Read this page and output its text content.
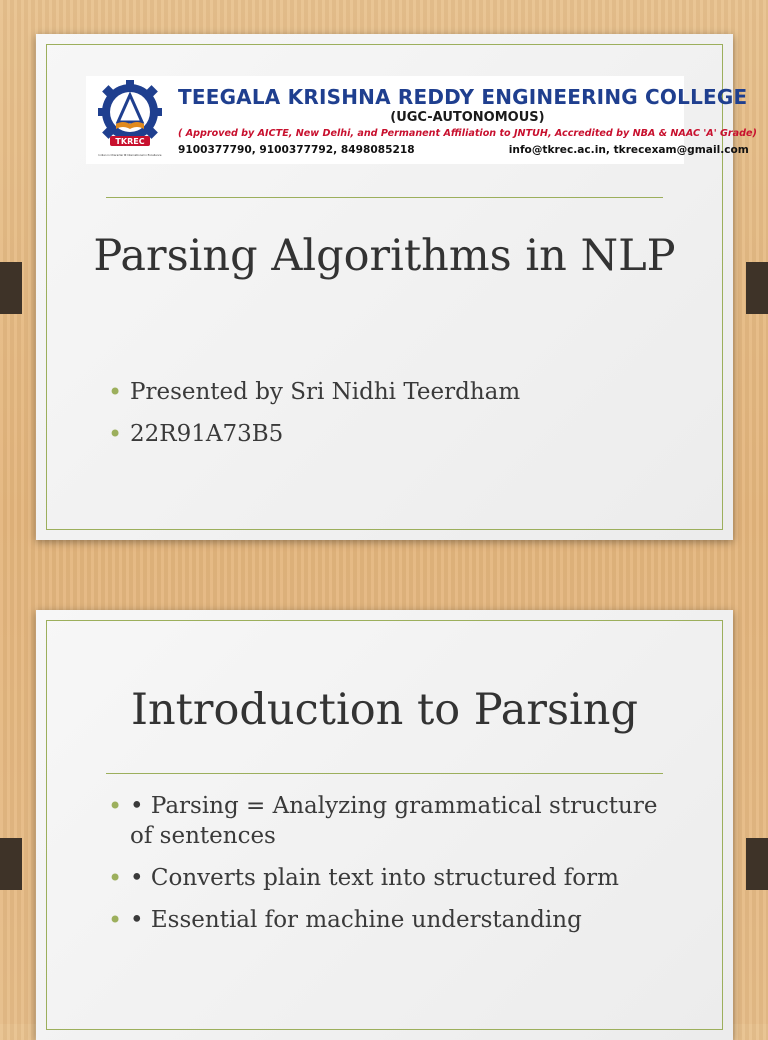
TKREC
Indian in Character ❂ International in Excellence
TEEGALA KRISHNA REDDY ENGINEERING COLLEGE
(UGC-AUTONOMOUS)
( Approved by AICTE, New Delhi, and Permanent Affiliation to JNTUH, Accredited by NBA & NAAC 'A' Grade)
9100377790, 9100377792, 8498085218	info@tkrec.ac.in, tkrecexam@gmail.com
Parsing Algorithms in NLP
• Presented by Sri Nidhi Teerdham
• 22R91A73B5
Introduction to Parsing
• • Parsing = Analyzing grammatical structure of sentences
• • Converts plain text into structured form
• • Essential for machine understanding
